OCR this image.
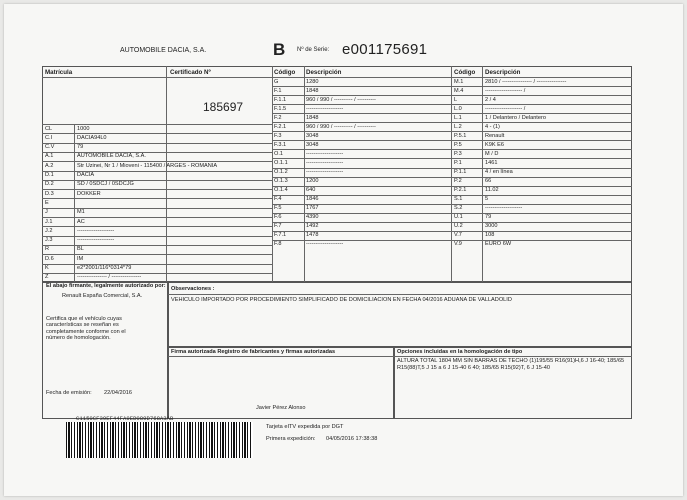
AUTOMOBILE DACIA, S.A.	B Nº de Serie: e001175691
Matrícula	Certificado Nº
185697
Código Descripción	Código Descripción
CL	1000
C.I	DACIA94L0
C.V	79
A.1	AUTOMOBILE DACIA, S.A.
A.2	Str Uzinei, Nr 1 / Mioveni - 115400 / ARGES - ROMANIA
D.1	DACIA
D.2	SD / 0SDCJ / 0SDCJG
D.3	DOKKER
E
J	M1
J.1	AC
J.2	--------------------
J.3	--------------------
R	BL
D.6	IM
K	e2*2001/116*0314*79
Z	---------------- / ----------------
G	1280
F.1	1848
F.1.1	960 / 990 / ---------- / ----------
F.1.5	--------------------
F.2	1848
F.2.1	960 / 990 / ---------- / ----------
F.3	3048
F.3.1	3048
O.1	--------------------
O.1.1	--------------------
O.1.2	--------------------
O.1.3	1200
O.1.4	640
F.4	1846
F.5	1767
F.6	4390
F.7	1492
F.7.1	1478
F.8	--------------------
M.1	2810 / ---------------- / ----------------
M.4	-------------------- /
L	2 / 4
L.0	-------------------- /
L.1	1 / Delantero / Delantero
L.2	4 - (1)
P.5.1	Renault
P.5	K9K E6
P.3	M / D
P.1	1461
P.1.1	4 / en línea
P.2	66
P.2.1	11.02
S.1	5
S.2	--------------------
U.1	79
U.2	3000
V.7	108
V.9	EURO 6W
El abajo firmante, legalmente autorizado por:
Renault España Comercial, S.A.
Certifica que el vehículo cuyas características se reseñan es completamente conforme con el número de homologación.
Fecha de emisión: 22/04/2016
Observaciones :
VEHICULO IMPORTADO POR PROCEDIMIENTO SIMPLIFICADO DE DOMICILIACION EN FECHA 04/2016 ADUANA DE VALLADOLID
Firma autorizada Registro de fabricantes y firmas autorizadas	Opciones incluidas en la homologación de tipo
ALTURA TOTAL 1804 MM SIN BARRAS DE TECHO (1)195/55 R16(91)H,6 J 16-40; 185/65 R15(88)T,5 J 15 a 6 J 15-40 6 40; 185/65 R15(92)T, 6 J 15-40
Javier Pérez Alonso
C1150CF39EF44FA9ED089D768A3AB
Tarjeta eITV expedida por DGT
Primera expedición: 04/05/2016 17:38:38
